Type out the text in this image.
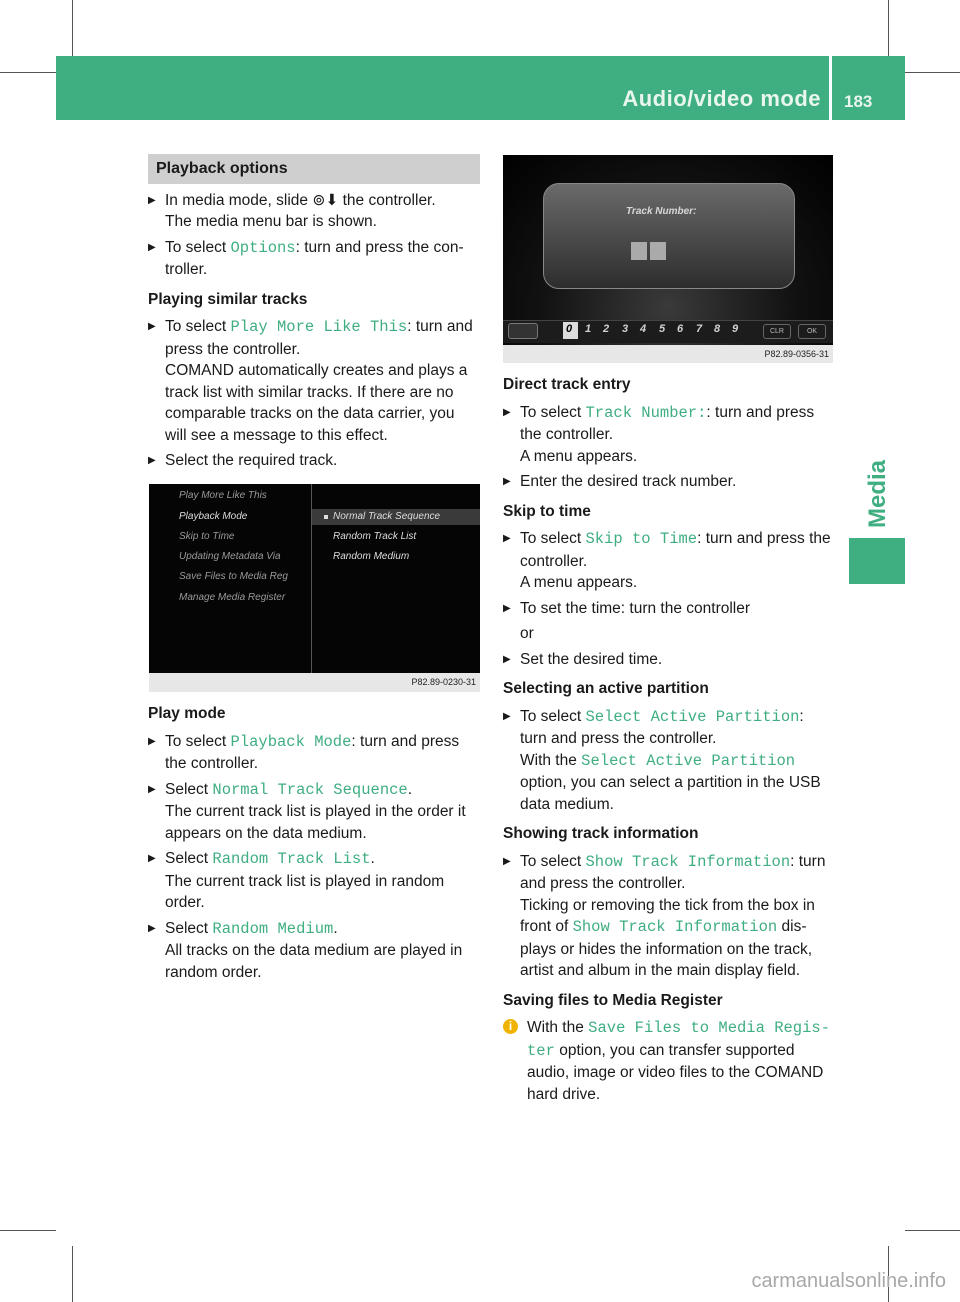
Audio/video mode 183
Media
Playback options

▶ In media mode, slide ⊚⬇ the controller.
The media menu bar is shown.

▶ To select Options: turn and press the con- troller.

Playing similar tracks

▶ To select Play More Like This: turn and press the controller.
COMAND automatically creates and plays a track list with similar tracks. If there are no comparable tracks on the data carrier, you will see a message to this effect.

▶ Select the required track.

Play More Like This
Playback Mode
Skip to Time
Updating Metadata Via
Save Files to Media Reg
Manage Media Register
Normal Track Sequence
Random Track List
Random Medium
P82.89-0230-31

Play mode

▶ To select Playback Mode: turn and press the controller.

▶ Select Normal Track Sequence.
The current track list is played in the order it appears on the data medium.

▶ Select Random Track List.
The current track list is played in random order.

▶ Select Random Medium.
All tracks on the data medium are played in random order.

Track Number:
0 1 2 3 4 5 6 7 8 9	CLR	OK
P82.89-0356-31

Direct track entry

▶ To select Track Number:: turn and press the controller.
A menu appears.

▶ Enter the desired track number.

Skip to time

▶ To select Skip to Time: turn and press the controller.
A menu appears.

▶ To set the time: turn the controller

or

▶ Set the desired time.

Selecting an active partition

▶ To select Select Active Partition:
turn and press the controller.
With the Select Active Partition option, you can select a partition in the USB data medium.

Showing track information

▶ To select Show Track Information: turn and press the controller.
Ticking or removing the tick from the box in front of Show Track Information dis- plays or hides the information on the track, artist and album in the main display field.

Saving files to Media Register

i With the Save Files to Media Regis- ter option, you can transfer supported audio, image or video files to the COMAND hard drive.

carmanualsonline.info
